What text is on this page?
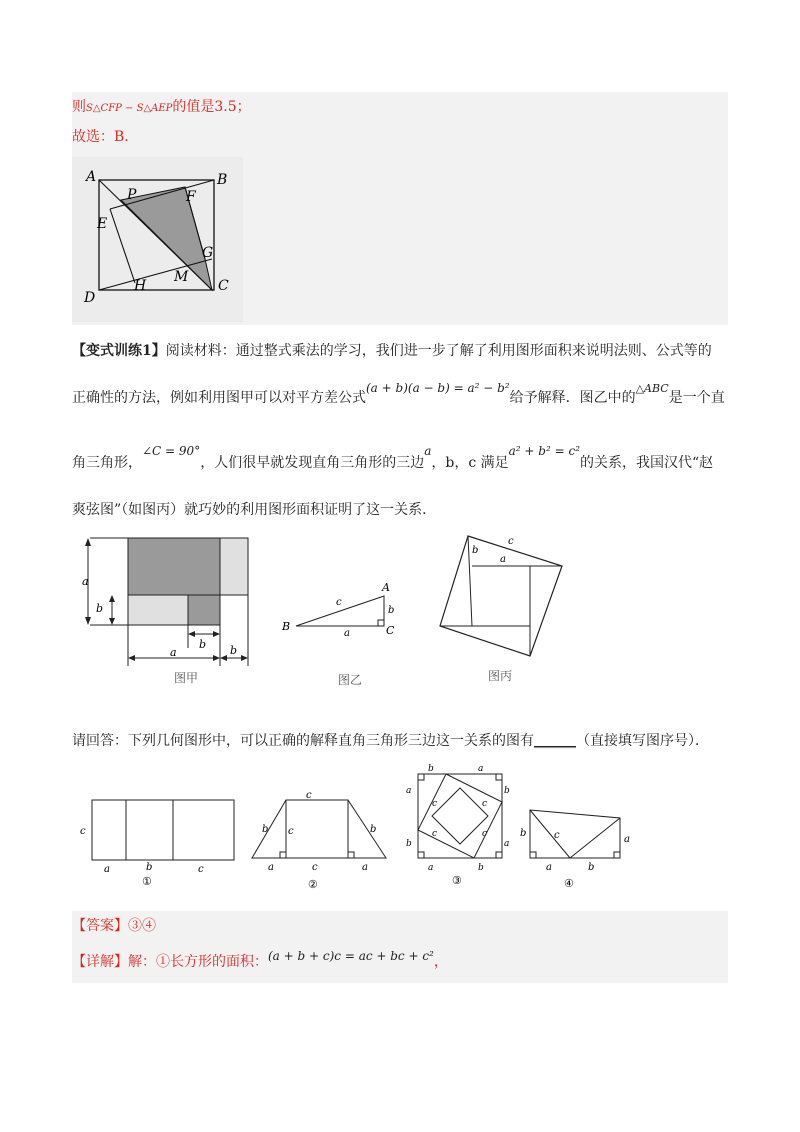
则S△CFP − S△AEP的值是3.5；
故选：B.
A	B
C
D
E
F
G
H
M
P
【变式训练1】阅读材料：通过整式乘法的学习，我们进一步了解了利用图形面积来说明法则、公式等的
正确性的方法，例如利用图甲可以对平方差公式(a + b)(a − b) = a² − b²给予解释．图乙中的$^{\triangle ABC}$是一个直
角三角形，∠C = 90°，人们很早就发现直角三角形的三边a，b，c 满足a² + b² = c²的关系，我国汉代“赵
爽弦图”（如图丙）就巧妙的利用图形面积证明了这一关系．
a
b
b
a	b
图甲
B
A
C
c
b
a
图乙
b
c
a
图丙
请回答：下列几何图形中，可以正确的解释直角三角形三边这一关系的图有______（直接填写图序号）．
c
a	b	c
①
c
c
b
a	c	a
b
②
b	a
a
b
b
a
a	b
c	c
c	c
③
b	c	a
a	b
④
【答案】③④
【详解】解：①长方形的面积：(a + b + c)c = ac + bc + c²，
